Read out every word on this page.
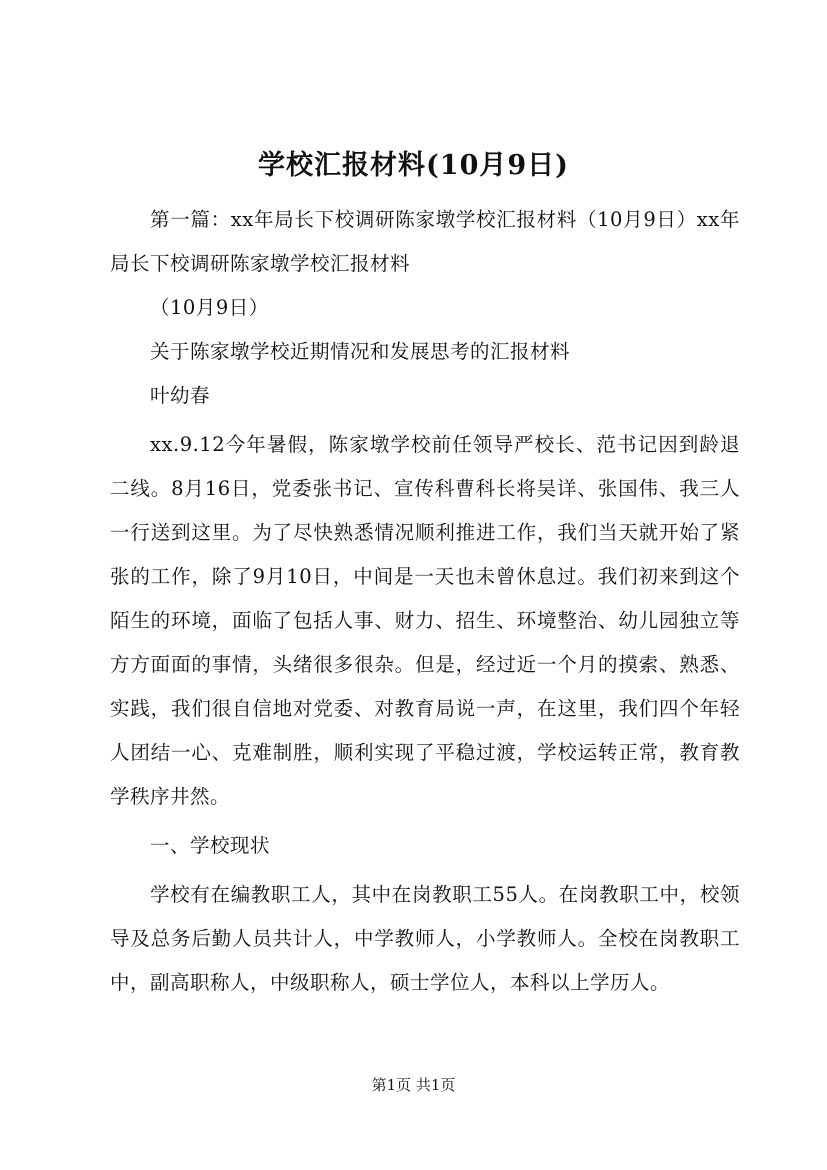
学校汇报材料(10月9日)

第一篇：xx年局长下校调研陈家墩学校汇报材料（10月9日）xx年局长下校调研陈家墩学校汇报材料

（10月9日）

关于陈家墩学校近期情况和发展思考的汇报材料

叶幼春

xx.9.12今年暑假，陈家墩学校前任领导严校长、范书记因到龄退二线。8月16日，党委张书记、宣传科曹科长将吴详、张国伟、我三人一行送到这里。为了尽快熟悉情况顺利推进工作，我们当天就开始了紧张的工作，除了9月10日，中间是一天也未曾休息过。我们初来到这个陌生的环境，面临了包括人事、财力、招生、环境整治、幼儿园独立等方方面面的事情，头绪很多很杂。但是，经过近一个月的摸索、熟悉、实践，我们很自信地对党委、对教育局说一声，在这里，我们四个年轻人团结一心、克难制胜，顺利实现了平稳过渡，学校运转正常，教育教学秩序井然。

一、学校现状

学校有在编教职工人，其中在岗教职工55人。在岗教职工中，校领导及总务后勤人员共计人，中学教师人，小学教师人。全校在岗教职工中，副高职称人，中级职称人，硕士学位人，本科以上学历人。

第1页 共1页
